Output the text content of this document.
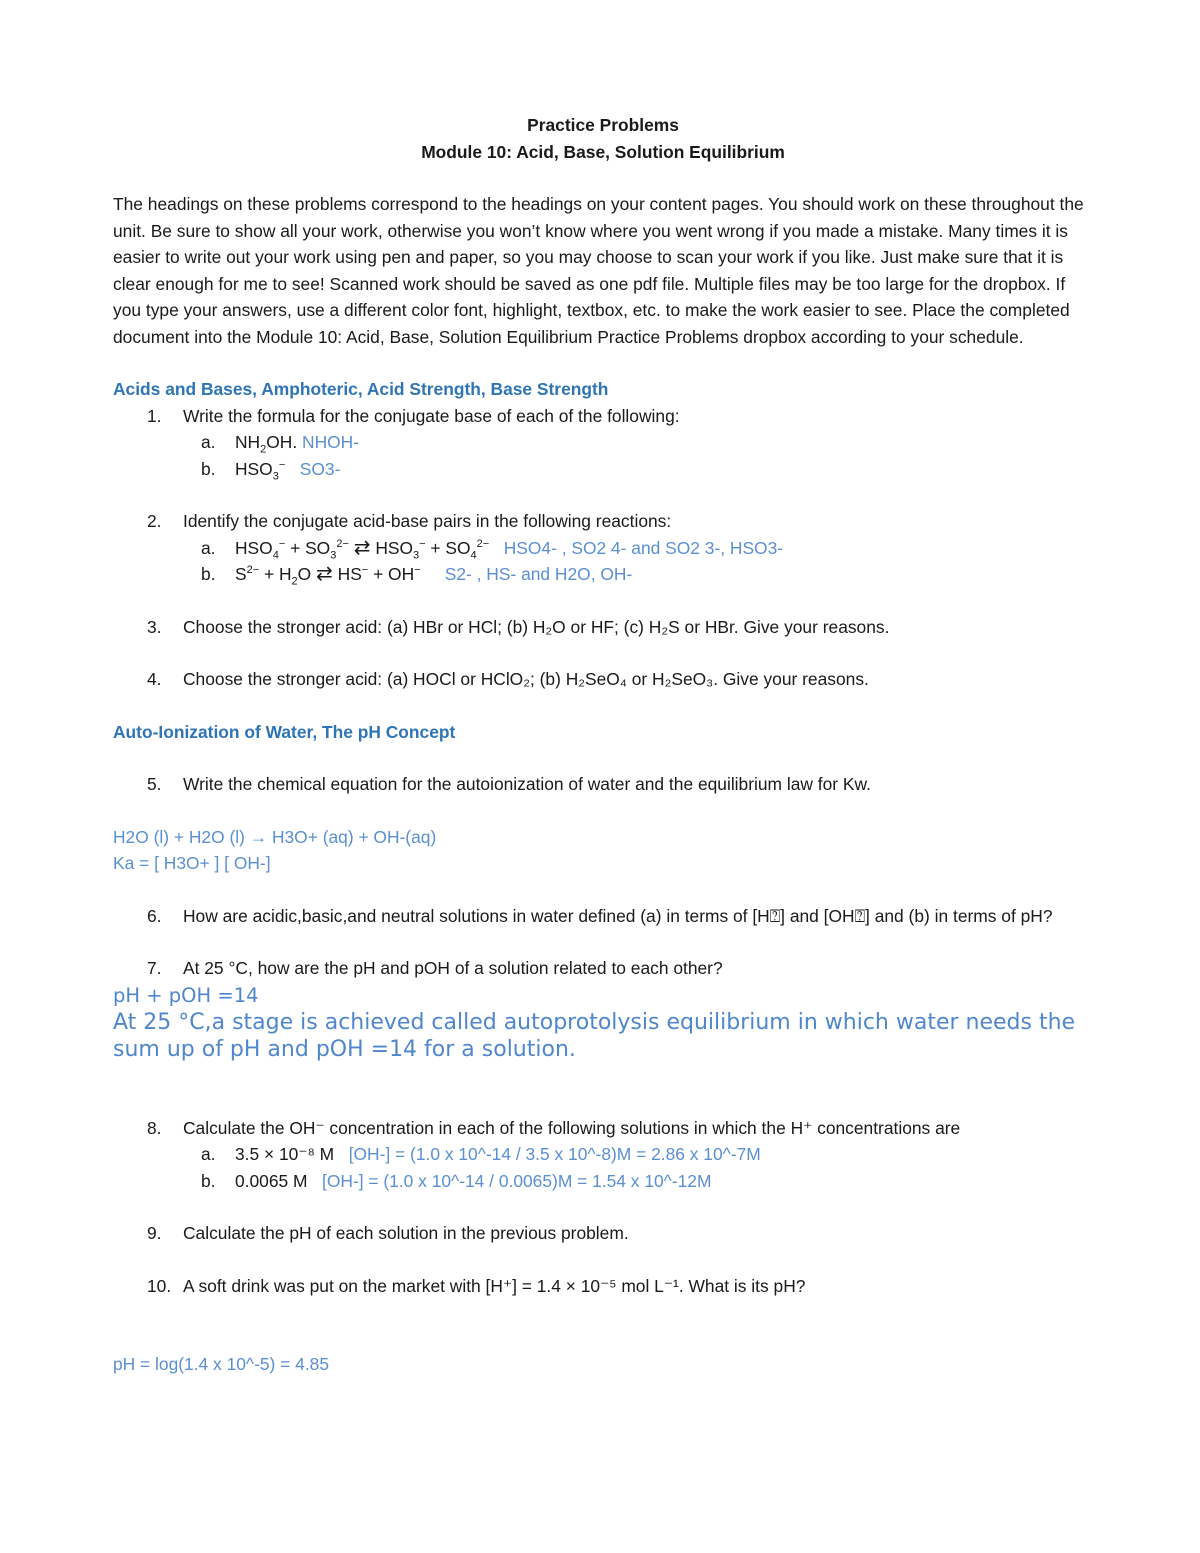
Practice Problems
Module 10: Acid, Base, Solution Equilibrium
The headings on these problems correspond to the headings on your content pages. You should work on these throughout the unit. Be sure to show all your work, otherwise you won’t know where you went wrong if you made a mistake. Many times it is easier to write out your work using pen and paper, so you may choose to scan your work if you like. Just make sure that it is clear enough for me to see! Scanned work should be saved as one pdf file. Multiple files may be too large for the dropbox. If you type your answers, use a different color font, highlight, textbox, etc. to make the work easier to see. Place the completed document into the Module 10: Acid, Base, Solution Equilibrium Practice Problems dropbox according to your schedule.
Acids and Bases, Amphoteric, Acid Strength, Base Strength
1. Write the formula for the conjugate base of each of the following:
a. $NH_2OH$. NHOH-
b. $HSO_3^-$ SO3-
2. Identify the conjugate acid-base pairs in the following reactions:
a. $HSO_4^- + SO_3^{2-}$ ⇄ $HSO_3^- + SO_4^{2-}$ HSO4- , SO2 4- and SO2 3-, HSO3-
b. $S^{2-} + H_2O$ ⇄ HS− + OH− S2- , HS- and H2O, OH-
3. Choose the stronger acid: (a) HBr or HCl; (b) H₂O or HF; (c) H₂S or HBr. Give your reasons.
4. Choose the stronger acid: (a) HOCl or HClO₂; (b) H₂SeO₄ or H₂SeO₃. Give your reasons.
Auto-Ionization of Water, The pH Concept
5. Write the chemical equation for the autoionization of water and the equilibrium law for Kw.
H2O (l) + H2O (l) → H3O+ (aq) + OH-(aq)
Ka = [ H3O+ ] [ OH-]
6. How are acidic,basic,and neutral solutions in water defined (a) in terms of [H⍰] and [OH⍰] and (b) in terms of pH?
7. At 25 °C, how are the pH and pOH of a solution related to each other?
pH + pOH =14
At 25 °C,a stage is achieved called autoprotolysis equilibrium in which water needs the sum up of pH and pOH =14 for a solution.
8. Calculate the OH⁻ concentration in each of the following solutions in which the H⁺ concentrations are
a. 3.5 × 10⁻⁸ M [OH-] = (1.0 x 10^-14 / 3.5 x 10^-8)M = 2.86 x 10^-7M
b. 0.0065 M [OH-] = (1.0 x 10^-14 / 0.0065)M = 1.54 x 10^-12M
9. Calculate the pH of each solution in the previous problem.
10. A soft drink was put on the market with [H⁺] = 1.4 × 10⁻⁵ mol L⁻¹. What is its pH?
pH = log(1.4 x 10^-5) = 4.85
